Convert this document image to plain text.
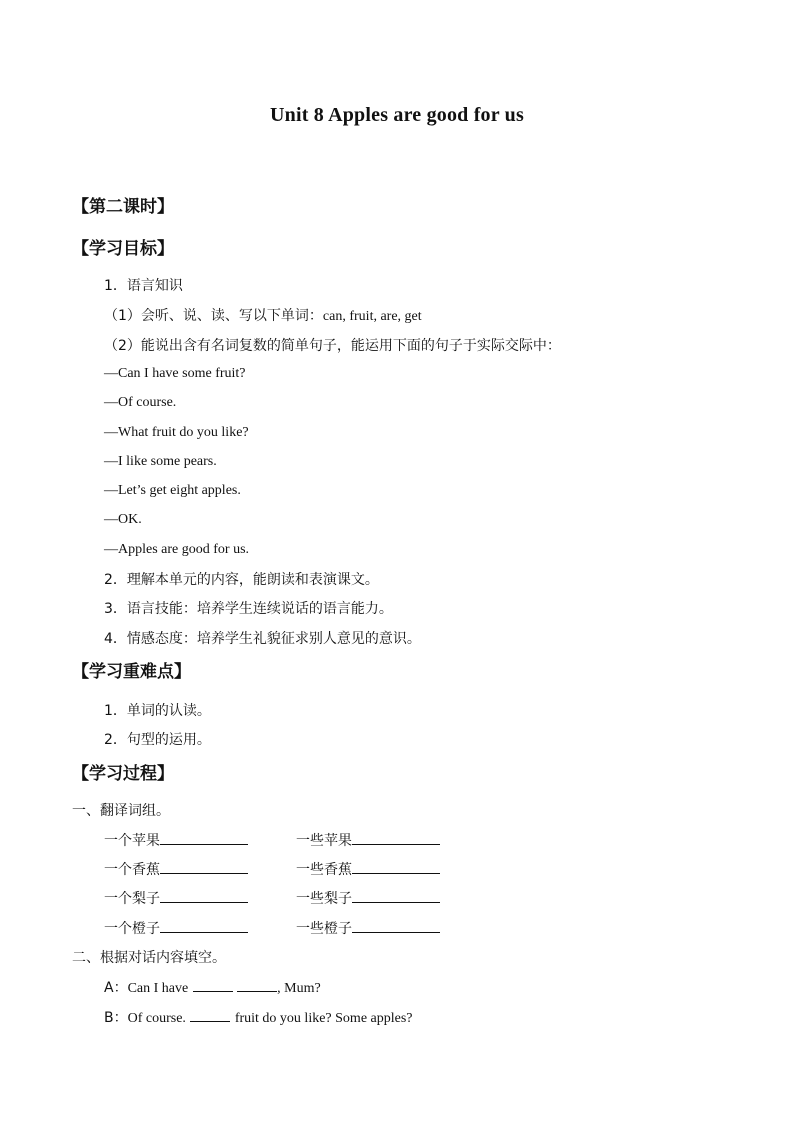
Unit 8 Apples are good for us
【第二课时】
【学习目标】
1．语言知识
（1）会听、说、读、写以下单词：can, fruit, are, get
（2）能说出含有名词复数的简单句子，能运用下面的句子于实际交际中：
—Can I have some fruit?
—Of course.
—What fruit do you like?
—I like some pears.
—Let’s get eight apples.
—OK.
—Apples are good for us.
2．理解本单元的内容，能朗读和表演课文。
3．语言技能：培养学生连续说话的语言能力。
4．情感态度：培养学生礼貌征求别人意见的意识。
【学习重难点】
1．单词的认读。
2．句型的运用。
【学习过程】
一、翻译词组。
一个苹果	一些苹果
一个香蕉	一些香蕉
一个梨子	一些梨子
一个橙子	一些橙子
二、根据对话内容填空。
A：Can I have	, Mum?
B：Of course.	fruit do you like? Some apples?
